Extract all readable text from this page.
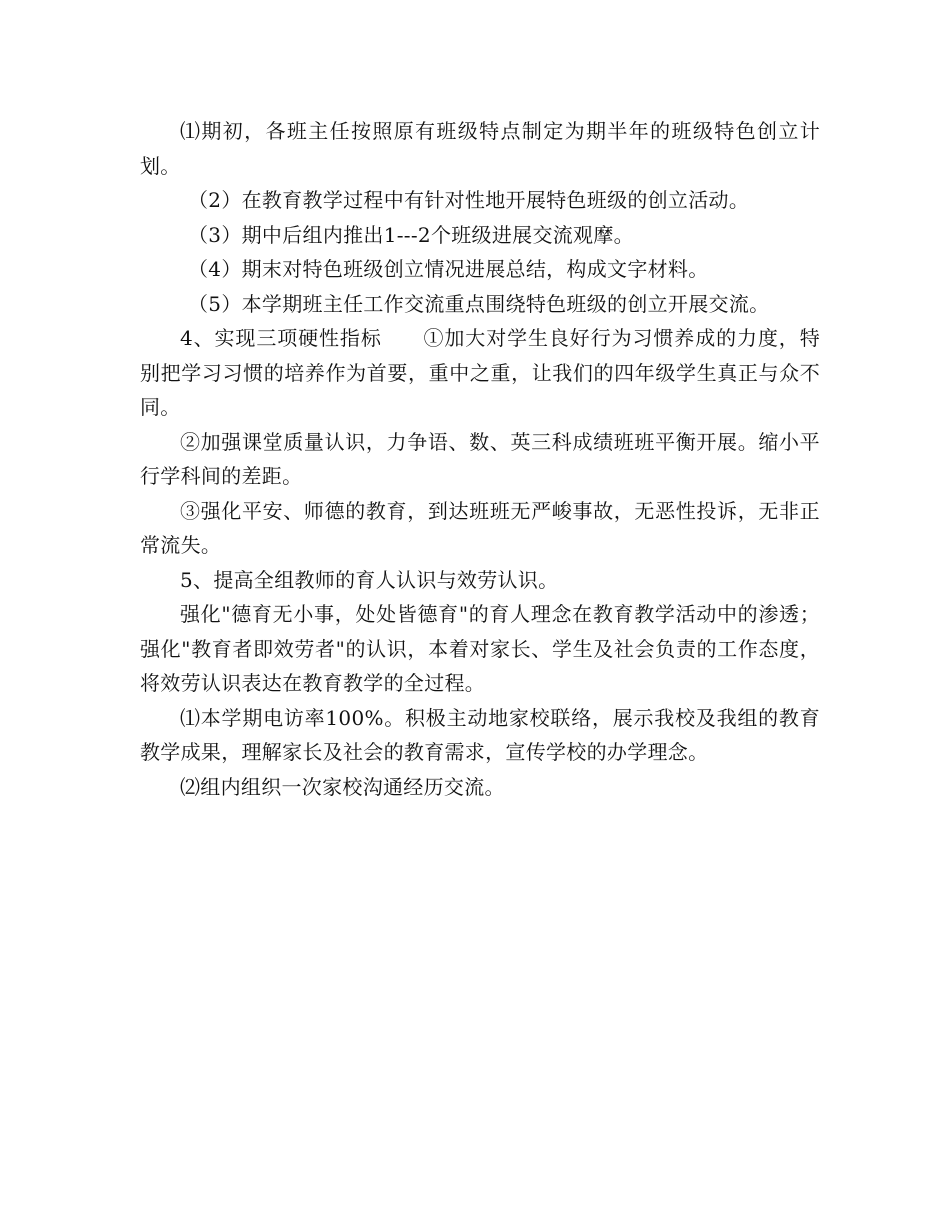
⑴期初，各班主任按照原有班级特点制定为期半年的班级特色创立计划。

（2）在教育教学过程中有针对性地开展特色班级的创立活动。

（3）期中后组内推出1---2个班级进展交流观摩。

（4）期末对特色班级创立情况进展总结，构成文字材料。

（5）本学期班主任工作交流重点围绕特色班级的创立开展交流。

4、实现三项硬性指标　　①加大对学生良好行为习惯养成的力度，特别把学习习惯的培养作为首要，重中之重，让我们的四年级学生真正与众不同。

②加强课堂质量认识，力争语、数、英三科成绩班班平衡开展。缩小平行学科间的差距。

③强化平安、师德的教育，到达班班无严峻事故，无恶性投诉，无非正常流失。

5、提高全组教师的育人认识与效劳认识。

强化"德育无小事，处处皆德育"的育人理念在教育教学活动中的渗透；强化"教育者即效劳者"的认识，本着对家长、学生及社会负责的工作态度，将效劳认识表达在教育教学的全过程。

⑴本学期电访率100%。积极主动地家校联络，展示我校及我组的教育教学成果，理解家长及社会的教育需求，宣传学校的办学理念。

⑵组内组织一次家校沟通经历交流。
